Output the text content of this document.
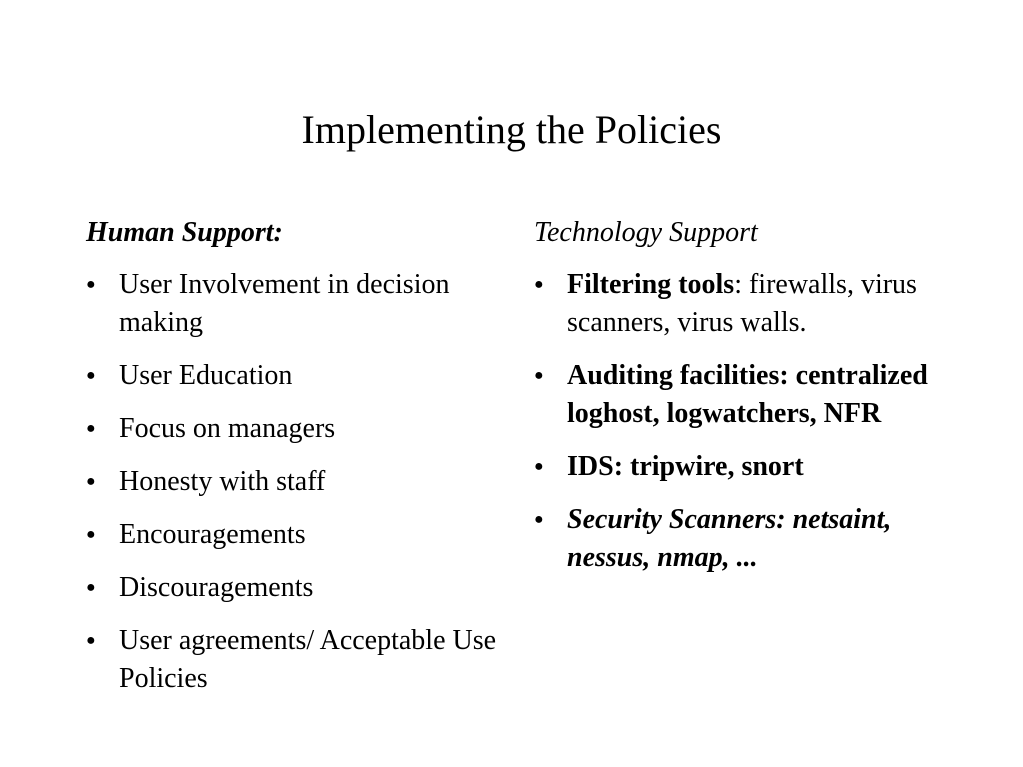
Implementing the Policies
Human Support:
● User Involvement in decision making
● User Education
● Focus on managers
● Honesty with staff
● Encouragements
● Discouragements
● User agreements/ Acceptable Use Policies
Technology Support
● Filtering tools: firewalls, virus scanners, virus walls.
● Auditing facilities: centralized loghost, logwatchers, NFR
● IDS: tripwire, snort
● Security Scanners: netsaint, nessus, nmap, ...
